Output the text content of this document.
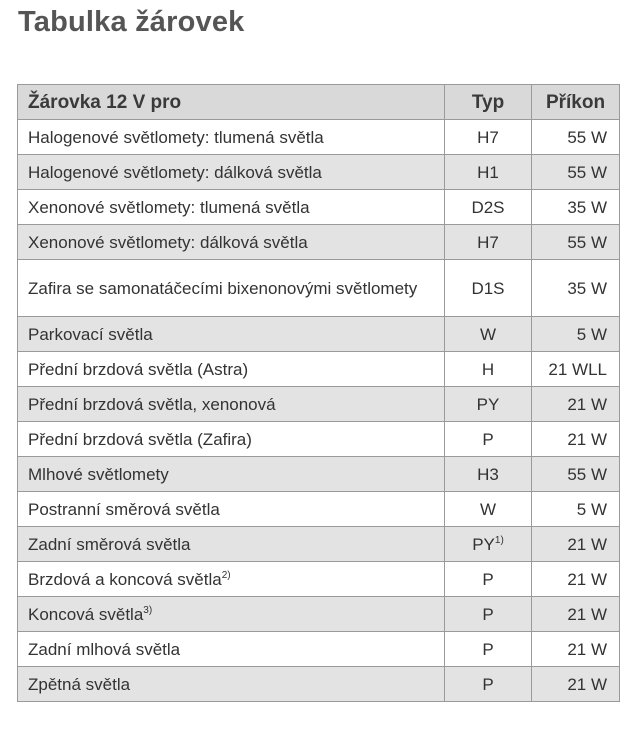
Tabulka žárovek
Žárovka 12 V pro	Typ	Příkon
Halogenové světlomety: tlumená světla	H7	55 W
Halogenové světlomety: dálková světla	H1	55 W
Xenonové světlomety: tlumená světla	D2S	35 W
Xenonové světlomety: dálková světla	H7	55 W
Zafira se samonatáčecími bixenonovými světlomety	D1S	35 W
Parkovací světla	W	5 W
Přední brzdová světla (Astra)	H	21 WLL
Přední brzdová světla, xenonová	PY	21 W
Přední brzdová světla (Zafira)	P	21 W
Mlhové světlomety	H3	55 W
Postranní směrová světla	W	5 W
Zadní směrová světla	PY$^{1)}$	21 W
Brzdová a koncová světla$^{2)}$	P	21 W
Koncová světla$^{3)}$	P	21 W
Zadní mlhová světla	P	21 W
Zpětná světla	P	21 W
